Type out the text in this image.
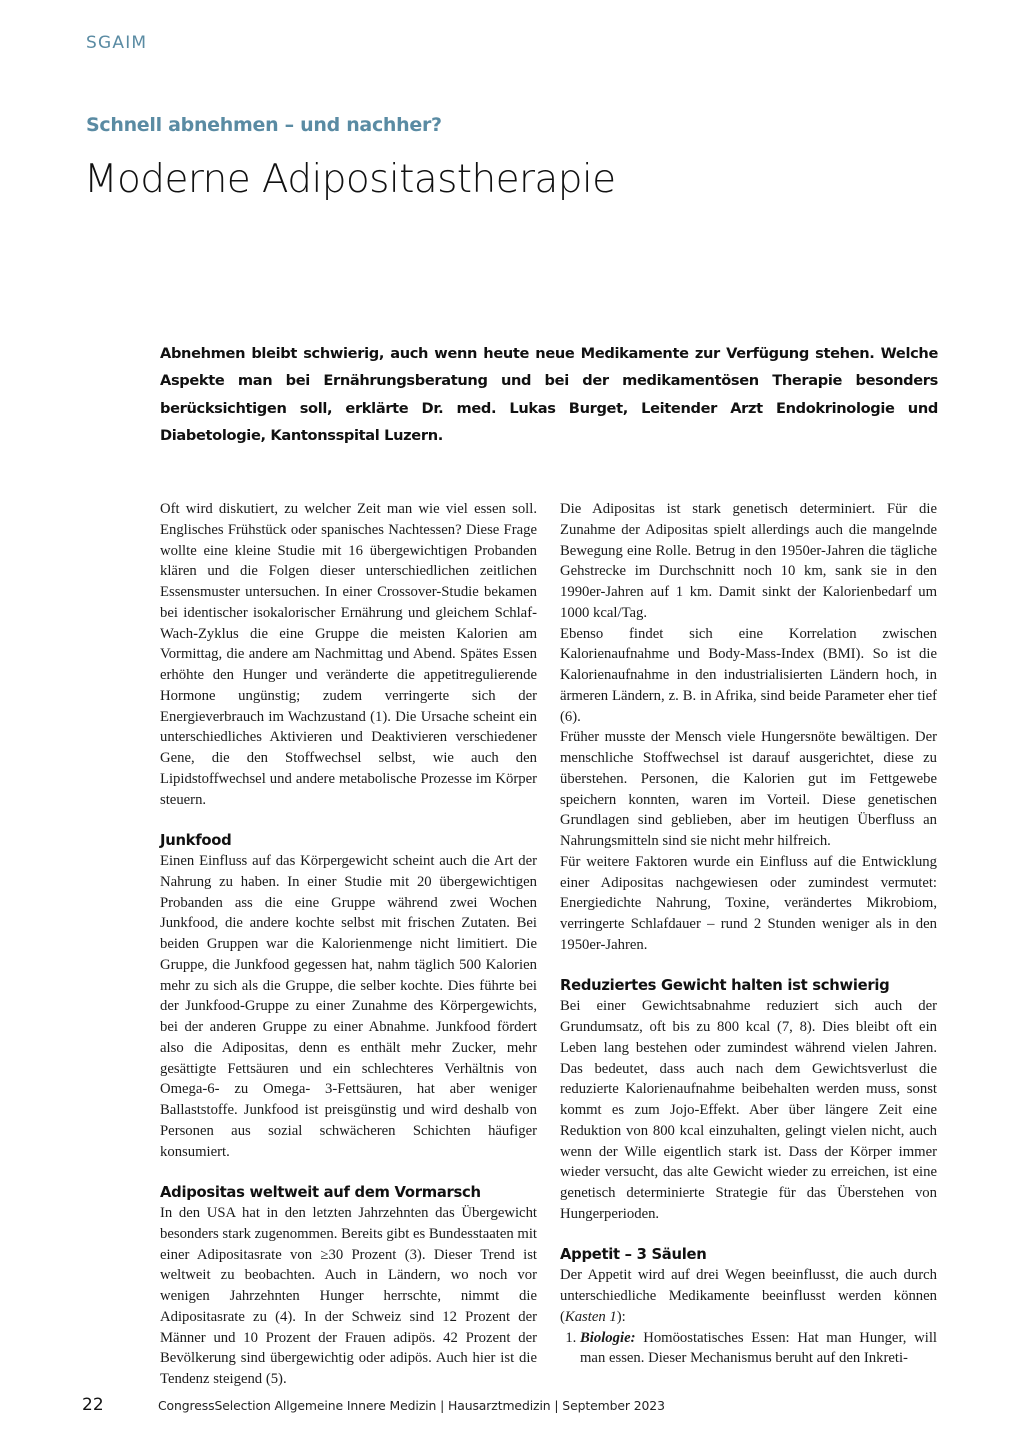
SGAIM
Schnell abnehmen – und nachher?
Moderne Adipositastherapie

Abnehmen bleibt schwierig, auch wenn heute neue Medikamente zur Verfügung stehen. Welche Aspekte man bei Ernährungsberatung und bei der medikamentösen Therapie besonders berücksichtigen soll, erklärte Dr. med. Lukas Burget, Leitender Arzt Endokrinologie und Diabetologie, Kantonsspital Luzern.

Oft wird diskutiert, zu welcher Zeit man wie viel essen soll. Englisches Frühstück oder spanisches Nachtessen? Diese Frage wollte eine kleine Studie mit 16 übergewichtigen Probanden klären und die Folgen dieser unterschiedlichen zeitlichen Essensmuster untersuchen. In einer Crossover-Studie bekamen bei identischer isokalorischer Ernährung und gleichem Schlaf-Wach-Zyklus die eine Gruppe die meisten Kalorien am Vormittag, die andere am Nachmittag und Abend. Spätes Essen erhöhte den Hunger und veränderte die appetitregulierende Hormone ungünstig; zudem verringerte sich der Energieverbrauch im Wachzustand (1). Die Ursache scheint ein unterschiedliches Aktivieren und Deaktivieren verschiedener Gene, die den Stoffwechsel selbst, wie auch den Lipidstoffwechsel und andere metabolische Prozesse im Körper steuern.

Junkfood

Einen Einfluss auf das Körpergewicht scheint auch die Art der Nahrung zu haben. In einer Studie mit 20 übergewichtigen Probanden ass die eine Gruppe während zwei Wochen Junkfood, die andere kochte selbst mit frischen Zutaten. Bei beiden Gruppen war die Kalorienmenge nicht limitiert. Die Gruppe, die Junkfood gegessen hat, nahm täglich 500 Kalorien mehr zu sich als die Gruppe, die selber kochte. Dies führte bei der Junkfood-Gruppe zu einer Zunahme des Körpergewichts, bei der anderen Gruppe zu einer Abnahme. Junkfood fördert also die Adipositas, denn es enthält mehr Zucker, mehr gesättigte Fettsäuren und ein schlechteres Verhältnis von Omega-6- zu Omega- 3-Fettsäuren, hat aber weniger Ballaststoffe. Junkfood ist preisgünstig und wird deshalb von Personen aus sozial schwächeren Schichten häufiger konsumiert.

Adipositas weltweit auf dem Vormarsch

In den USA hat in den letzten Jahrzehnten das Übergewicht besonders stark zugenommen. Bereits gibt es Bundesstaaten mit einer Adipositasrate von ≥30 Prozent (3). Dieser Trend ist weltweit zu beobachten. Auch in Ländern, wo noch vor wenigen Jahrzehnten Hunger herrschte, nimmt die Adipositasrate zu (4). In der Schweiz sind 12 Prozent der Männer und 10 Prozent der Frauen adipös. 42 Prozent der Bevölkerung sind übergewichtig oder adipös. Auch hier ist die Tendenz steigend (5).

Die Adipositas ist stark genetisch determiniert. Für die Zunahme der Adipositas spielt allerdings auch die mangelnde Bewegung eine Rolle. Betrug in den 1950er-Jahren die tägliche Gehstrecke im Durchschnitt noch 10 km, sank sie in den 1990er-Jahren auf 1 km. Damit sinkt der Kalorienbedarf um 1000 kcal/Tag.

Ebenso findet sich eine Korrelation zwischen Kalorienaufnahme und Body-Mass-Index (BMI). So ist die Kalorienaufnahme in den industrialisierten Ländern hoch, in ärmeren Ländern, z. B. in Afrika, sind beide Parameter eher tief (6).

Früher musste der Mensch viele Hungersnöte bewältigen. Der menschliche Stoffwechsel ist darauf ausgerichtet, diese zu überstehen. Personen, die Kalorien gut im Fettgewebe speichern konnten, waren im Vorteil. Diese genetischen Grundlagen sind geblieben, aber im heutigen Überfluss an Nahrungsmitteln sind sie nicht mehr hilfreich.

Für weitere Faktoren wurde ein Einfluss auf die Entwicklung einer Adipositas nachgewiesen oder zumindest vermutet: Energiedichte Nahrung, Toxine, verändertes Mikrobiom, verringerte Schlafdauer – rund 2 Stunden weniger als in den 1950er-Jahren.

Reduziertes Gewicht halten ist schwierig

Bei einer Gewichtsabnahme reduziert sich auch der Grundumsatz, oft bis zu 800 kcal (7, 8). Dies bleibt oft ein Leben lang bestehen oder zumindest während vielen Jahren. Das bedeutet, dass auch nach dem Gewichtsverlust die reduzierte Kalorienaufnahme beibehalten werden muss, sonst kommt es zum Jojo-Effekt. Aber über längere Zeit eine Reduktion von 800 kcal einzuhalten, gelingt vielen nicht, auch wenn der Wille eigentlich stark ist. Dass der Körper immer wieder versucht, das alte Gewicht wieder zu erreichen, ist eine genetisch determinierte Strategie für das Überstehen von Hungerperioden.

Appetit – 3 Säulen

Der Appetit wird auf drei Wegen beeinflusst, die auch durch unterschiedliche Medikamente beeinflusst werden können (Kasten 1):

1. Biologie: Homöostatisches Essen: Hat man Hunger, will man essen. Dieser Mechanismus beruht auf den Inkreti-
22	CongressSelection Allgemeine Innere Medizin | Hausarztmedizin | September 2023
